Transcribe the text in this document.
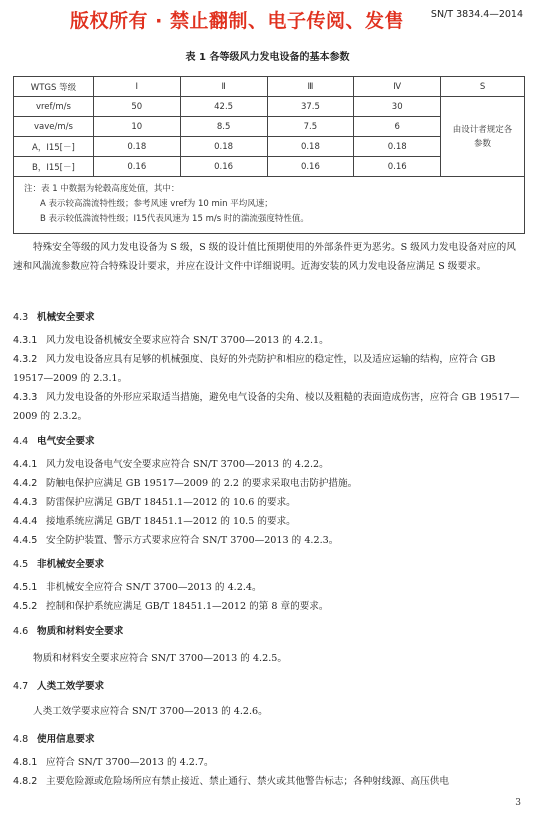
版权所有 · 禁止翻制、电子传阅、发售	SN/T 3834.4—2014
表 1 各等级风力发电设备的基本参数
WTGS 等级	Ⅰ	Ⅱ	Ⅲ	Ⅳ	S
vref/m/s	50	42.5	37.5	30	由设计者规定各参数
vave/m/s	10	8.5	7.5	6	
A，I15[－]	0.18	0.18	0.18	0.18	
B，I15[－]	0.16	0.16	0.16	0.16	

注：表 1 中数据为轮毂高度处值，其中：
A 表示较高湍流特性级；参考风速 vref为 10 min 平均风速；
B 表示较低湍流特性级；I15代表风速为 15 m/s 时的湍流强度特性值。					

特殊安全等级的风力发电设备为 S 级，S 级的设计值比预期使用的外部条件更为恶劣。S 级风力发电设备对应的风速和风湍流参数应符合特殊设计要求，并应在设计文件中详细说明。近海安装的风力发电设备应满足 S 级要求。

4.3 机械安全要求
4.3.1 风力发电设备机械安全要求应符合 SN/T 3700—2013 的 4.2.1。
4.3.2 风力发电设备应具有足够的机械强度、良好的外壳防护和相应的稳定性，以及适应运输的结构，应符合 GB 19517—2009 的 2.3.1。
4.3.3 风力发电设备的外形应采取适当措施，避免电气设备的尖角、棱以及粗糙的表面造成伤害，应符合 GB 19517—2009 的 2.3.2。
4.4 电气安全要求
4.4.1 风力发电设备电气安全要求应符合 SN/T 3700—2013 的 4.2.2。
4.4.2 防触电保护应满足 GB 19517—2009 的 2.2 的要求采取电击防护措施。
4.4.3 防雷保护应满足 GB/T 18451.1—2012 的 10.6 的要求。
4.4.4 接地系统应满足 GB/T 18451.1—2012 的 10.5 的要求。
4.4.5 安全防护装置、警示方式要求应符合 SN/T 3700—2013 的 4.2.3。
4.5 非机械安全要求
4.5.1 非机械安全应符合 SN/T 3700—2013 的 4.2.4。
4.5.2 控制和保护系统应满足 GB/T 18451.1—2012 的第 8 章的要求。
4.6 物质和材料安全要求
物质和材料安全要求应符合 SN/T 3700—2013 的 4.2.5。
4.7 人类工效学要求
人类工效学要求应符合 SN/T 3700—2013 的 4.2.6。
4.8 使用信息要求
4.8.1 应符合 SN/T 3700—2013 的 4.2.7。
4.8.2 主要危险源或危险场所应有禁止接近、禁止通行、禁火或其他警告标志；各种射线源、高压供电
3
